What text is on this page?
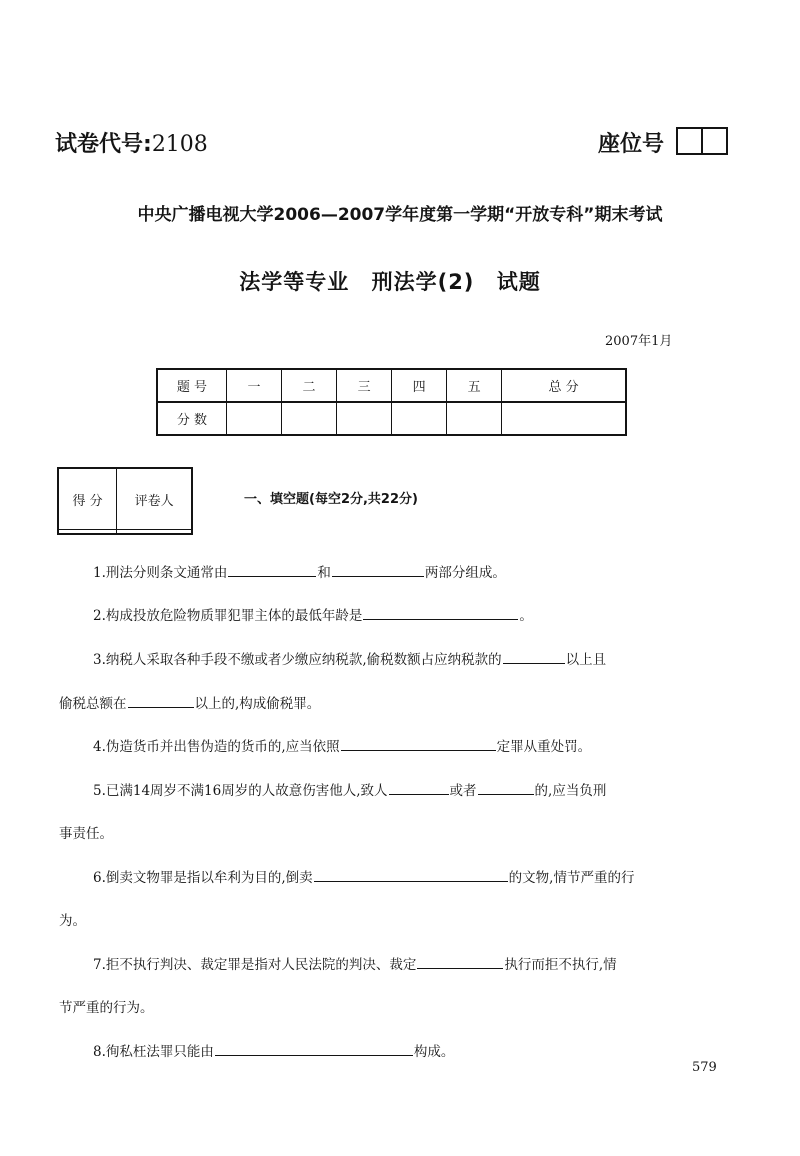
试卷代号:2108	座位号
中央广播电视大学2006—2007学年度第一学期“开放专科”期末考试
法学等专业 刑法学(2) 试题
2007年1月
题 号	一	二	三	四	五	总 分
分 数						
得 分	评卷人
		一、填空题(每空2分,共22分)
1.刑法分则条文通常由	和	两部分组成。
2.构成投放危险物质罪犯罪主体的最低年龄是	。
3.纳税人采取各种手段不缴或者少缴应纳税款,偷税数额占应纳税款的	以上且
偷税总额在	以上的,构成偷税罪。
4.伪造货币并出售伪造的货币的,应当依照	定罪从重处罚。
5.已满14周岁不满16周岁的人故意伤害他人,致人	或者	的,应当负刑
事责任。
6.倒卖文物罪是指以牟利为目的,倒卖	的文物,情节严重的行
为。
7.拒不执行判决、裁定罪是指对人民法院的判决、裁定	执行而拒不执行,情
节严重的行为。
8.徇私枉法罪只能由	构成。
579
